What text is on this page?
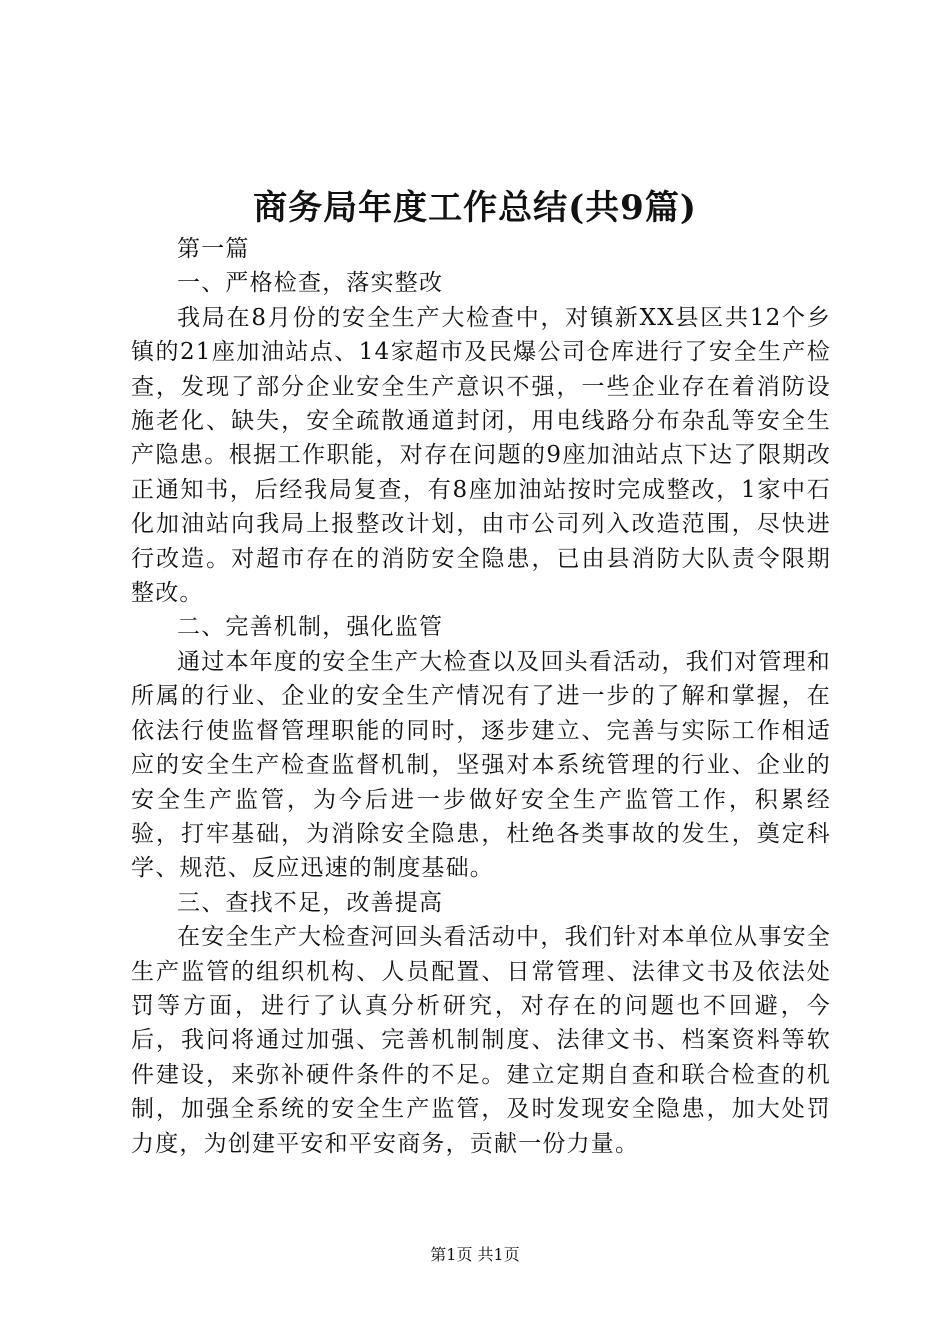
商务局年度工作总结(共9篇)

第一篇

一、严格检查，落实整改

我局在8月份的安全生产大检查中，对镇新XX县区共12个乡镇的21座加油站点、14家超市及民爆公司仓库进行了安全生产检查，发现了部分企业安全生产意识不强，一些企业存在着消防设施老化、缺失，安全疏散通道封闭，用电线路分布杂乱等安全生产隐患。根据工作职能，对存在问题的9座加油站点下达了限期改正通知书，后经我局复查，有8座加油站按时完成整改，1家中石化加油站向我局上报整改计划，由市公司列入改造范围，尽快进行改造。对超市存在的消防安全隐患，已由县消防大队责令限期整改。

二、完善机制，强化监管

通过本年度的安全生产大检查以及回头看活动，我们对管理和所属的行业、企业的安全生产情况有了进一步的了解和掌握，在依法行使监督管理职能的同时，逐步建立、完善与实际工作相适应的安全生产检查监督机制，坚强对本系统管理的行业、企业的安全生产监管，为今后进一步做好安全生产监管工作，积累经验，打牢基础，为消除安全隐患，杜绝各类事故的发生，奠定科学、规范、反应迅速的制度基础。

三、查找不足，改善提高

在安全生产大检查河回头看活动中，我们针对本单位从事安全生产监管的组织机构、人员配置、日常管理、法律文书及依法处罚等方面，进行了认真分析研究，对存在的问题也不回避，今后，我问将通过加强、完善机制制度、法律文书、档案资料等软件建设，来弥补硬件条件的不足。建立定期自查和联合检查的机制，加强全系统的安全生产监管，及时发现安全隐患，加大处罚力度，为创建平安和平安商务，贡献一份力量。

第1页 共1页
